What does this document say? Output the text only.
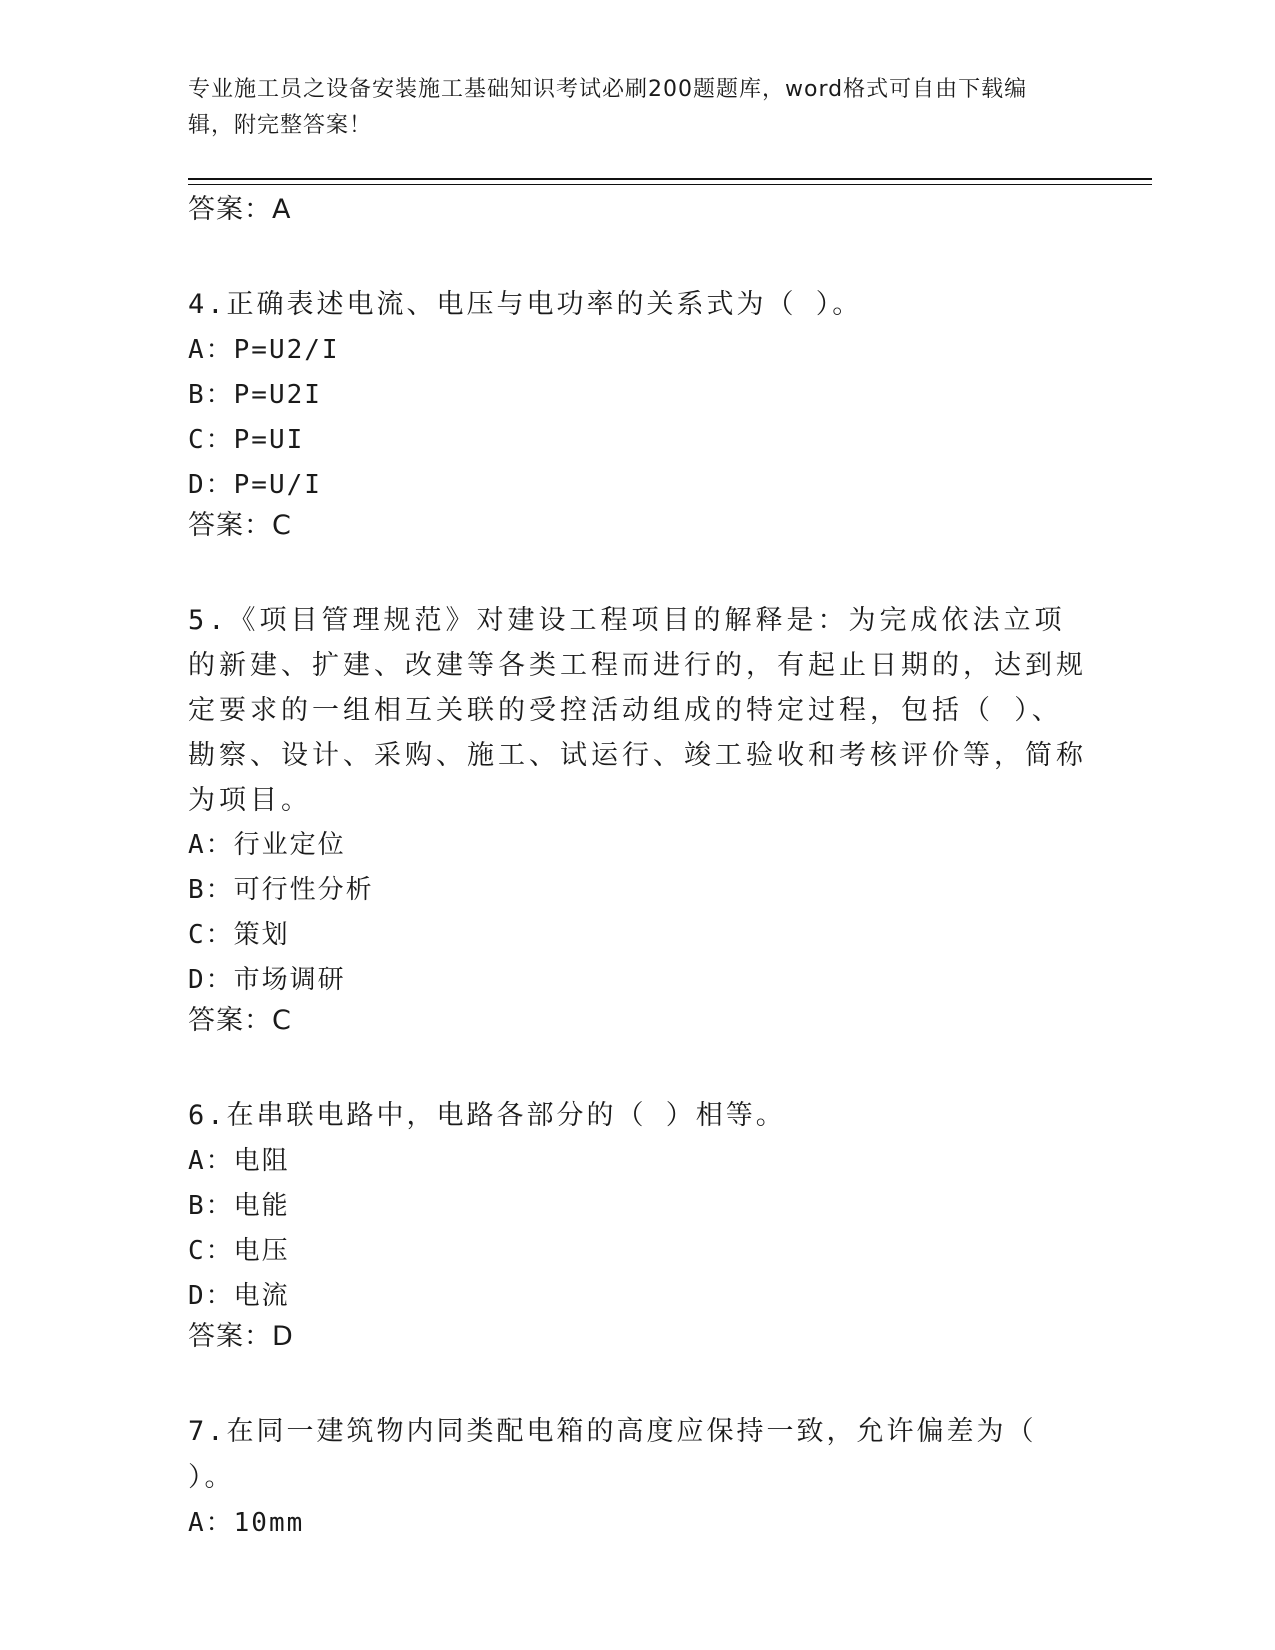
专业施工员之设备安装施工基础知识考试必刷200题题库，word格式可自由下载编辑，附完整答案！
答案：A
4.正确表述电流、电压与电功率的关系式为（ ）。
A：P=U2/I
B：P=U2I
C：P=UI
D：P=U/I
答案：C
5.《项目管理规范》对建设工程项目的解释是：为完成依法立项的新建、扩建、改建等各类工程而进行的，有起止日期的，达到规定要求的一组相互关联的受控活动组成的特定过程，包括（ ）、勘察、设计、采购、施工、试运行、竣工验收和考核评价等，简称为项目。
A：行业定位
B：可行性分析
C：策划
D：市场调研
答案：C
6.在串联电路中，电路各部分的（ ）相等。
A：电阻
B：电能
C：电压
D：电流
答案：D
7.在同一建筑物内同类配电箱的高度应保持一致，允许偏差为（ ）。
A：10mm
